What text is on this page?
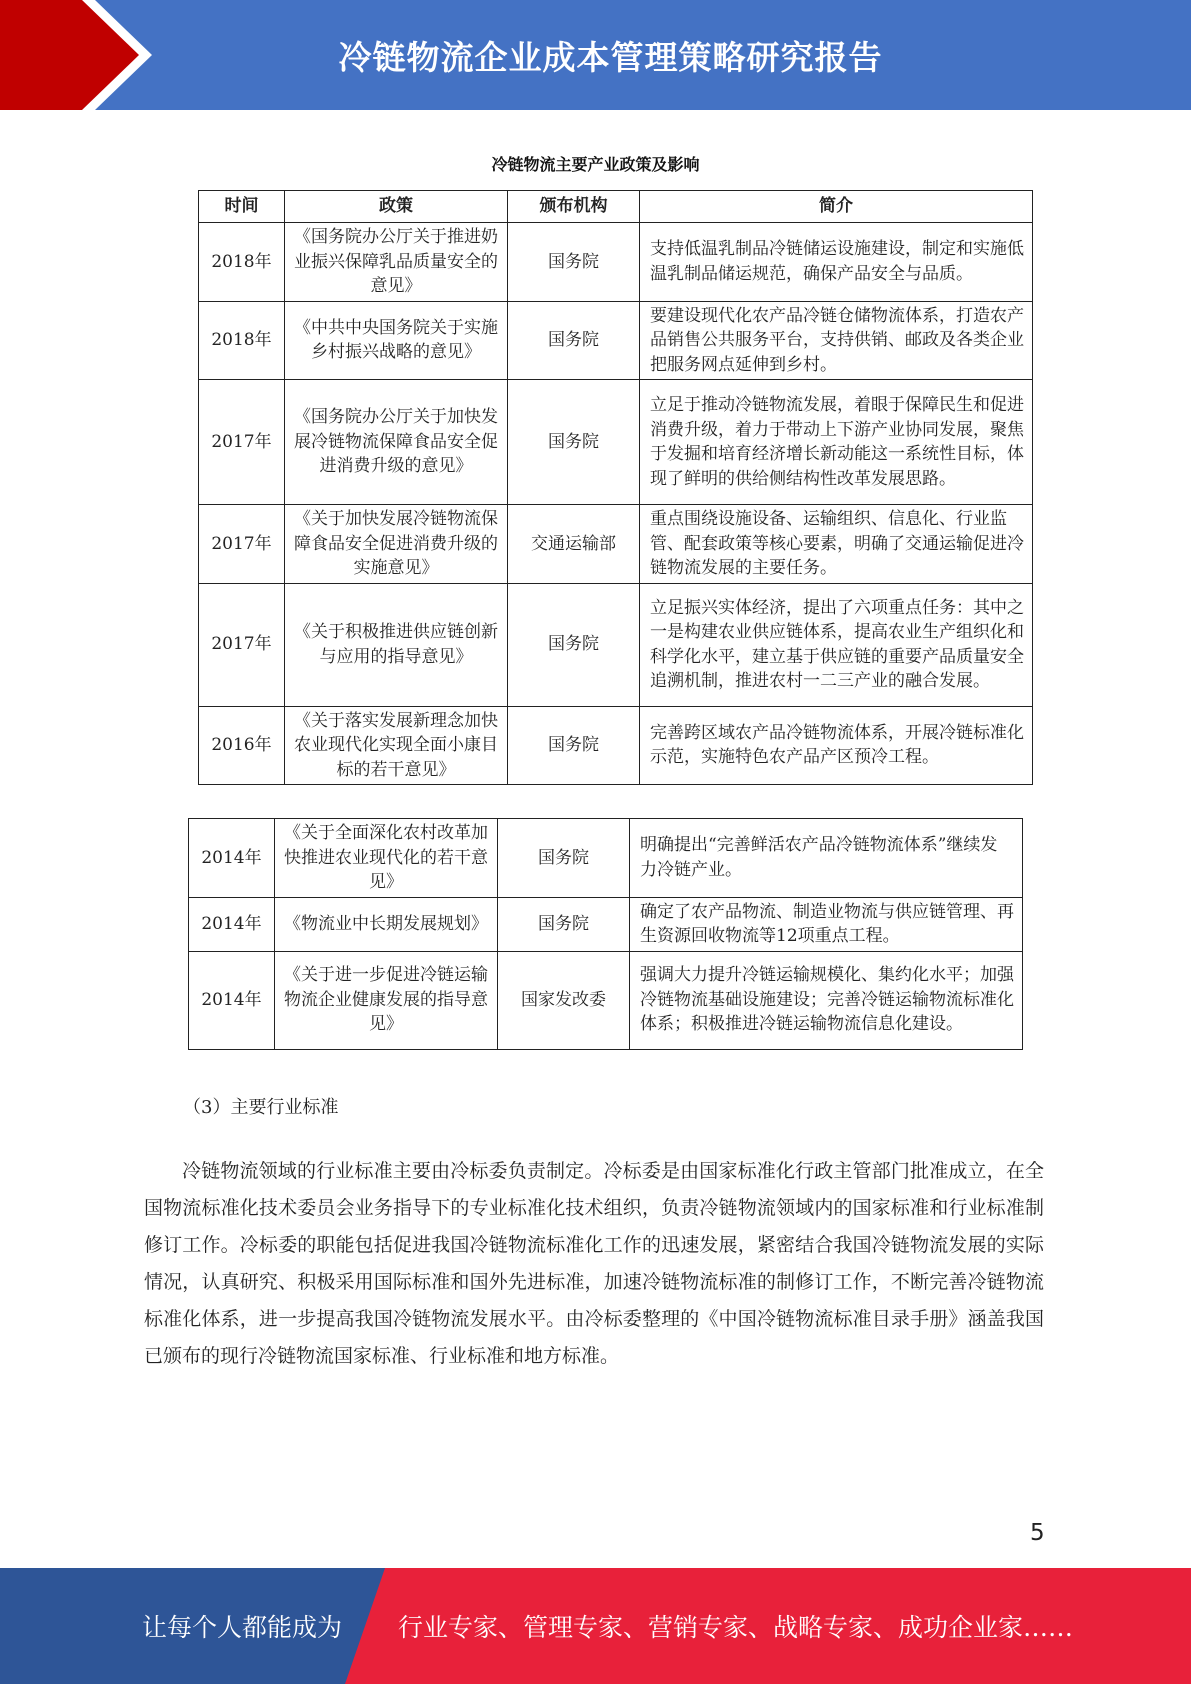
冷链物流企业成本管理策略研究报告
冷链物流主要产业政策及影响
时间	政策	颁布机构	简介
2018年	《国务院办公厅关于推进奶业振兴保障乳品质量安全的意见》	国务院	支持低温乳制品冷链储运设施建设，制定和实施低温乳制品储运规范，确保产品安全与品质。
2018年	《中共中央国务院关于实施乡村振兴战略的意见》	国务院	要建设现代化农产品冷链仓储物流体系，打造农产品销售公共服务平台，支持供销、邮政及各类企业把服务网点延伸到乡村。
2017年	《国务院办公厅关于加快发展冷链物流保障食品安全促进消费升级的意见》	国务院	立足于推动冷链物流发展，着眼于保障民生和促进消费升级，着力于带动上下游产业协同发展，聚焦于发掘和培育经济增长新动能这一系统性目标，体现了鲜明的供给侧结构性改革发展思路。
2017年	《关于加快发展冷链物流保障食品安全促进消费升级的实施意见》	交通运输部	重点围绕设施设备、运输组织、信息化、行业监管、配套政策等核心要素，明确了交通运输促进冷链物流发展的主要任务。
2017年	《关于积极推进供应链创新与应用的指导意见》	国务院	立足振兴实体经济，提出了六项重点任务：其中之一是构建农业供应链体系，提高农业生产组织化和科学化水平，建立基于供应链的重要产品质量安全追溯机制，推进农村一二三产业的融合发展。
2016年	《关于落实发展新理念加快农业现代化实现全面小康目标的若干意见》	国务院	完善跨区域农产品冷链物流体系，开展冷链标准化示范，实施特色农产品产区预冷工程。
2014年	《关于全面深化农村改革加快推进农业现代化的若干意见》	国务院	明确提出“完善鲜活农产品冷链物流体系”继续发力冷链产业。
2014年	《物流业中长期发展规划》	国务院	确定了农产品物流、制造业物流与供应链管理、再生资源回收物流等12项重点工程。
2014年	《关于进一步促进冷链运输物流企业健康发展的指导意见》	国家发改委	强调大力提升冷链运输规模化、集约化水平；加强冷链物流基础设施建设；完善冷链运输物流标准化体系；积极推进冷链运输物流信息化建设。
（3）主要行业标准

冷链物流领域的行业标准主要由冷标委负责制定。冷标委是由国家标准化行政主管部门批准成立，在全国物流标准化技术委员会业务指导下的专业标准化技术组织，负责冷链物流领域内的国家标准和行业标准制修订工作。冷标委的职能包括促进我国冷链物流标准化工作的迅速发展，紧密结合我国冷链物流发展的实际情况，认真研究、积极采用国际标准和国外先进标准，加速冷链物流标准的制修订工作，不断完善冷链物流标准化体系，进一步提高我国冷链物流发展水平。由冷标委整理的《中国冷链物流标准目录手册》涵盖我国已颁布的现行冷链物流国家标准、行业标准和地方标准。

5
让每个人都能成为 行业专家、管理专家、营销专家、战略专家、成功企业家……
